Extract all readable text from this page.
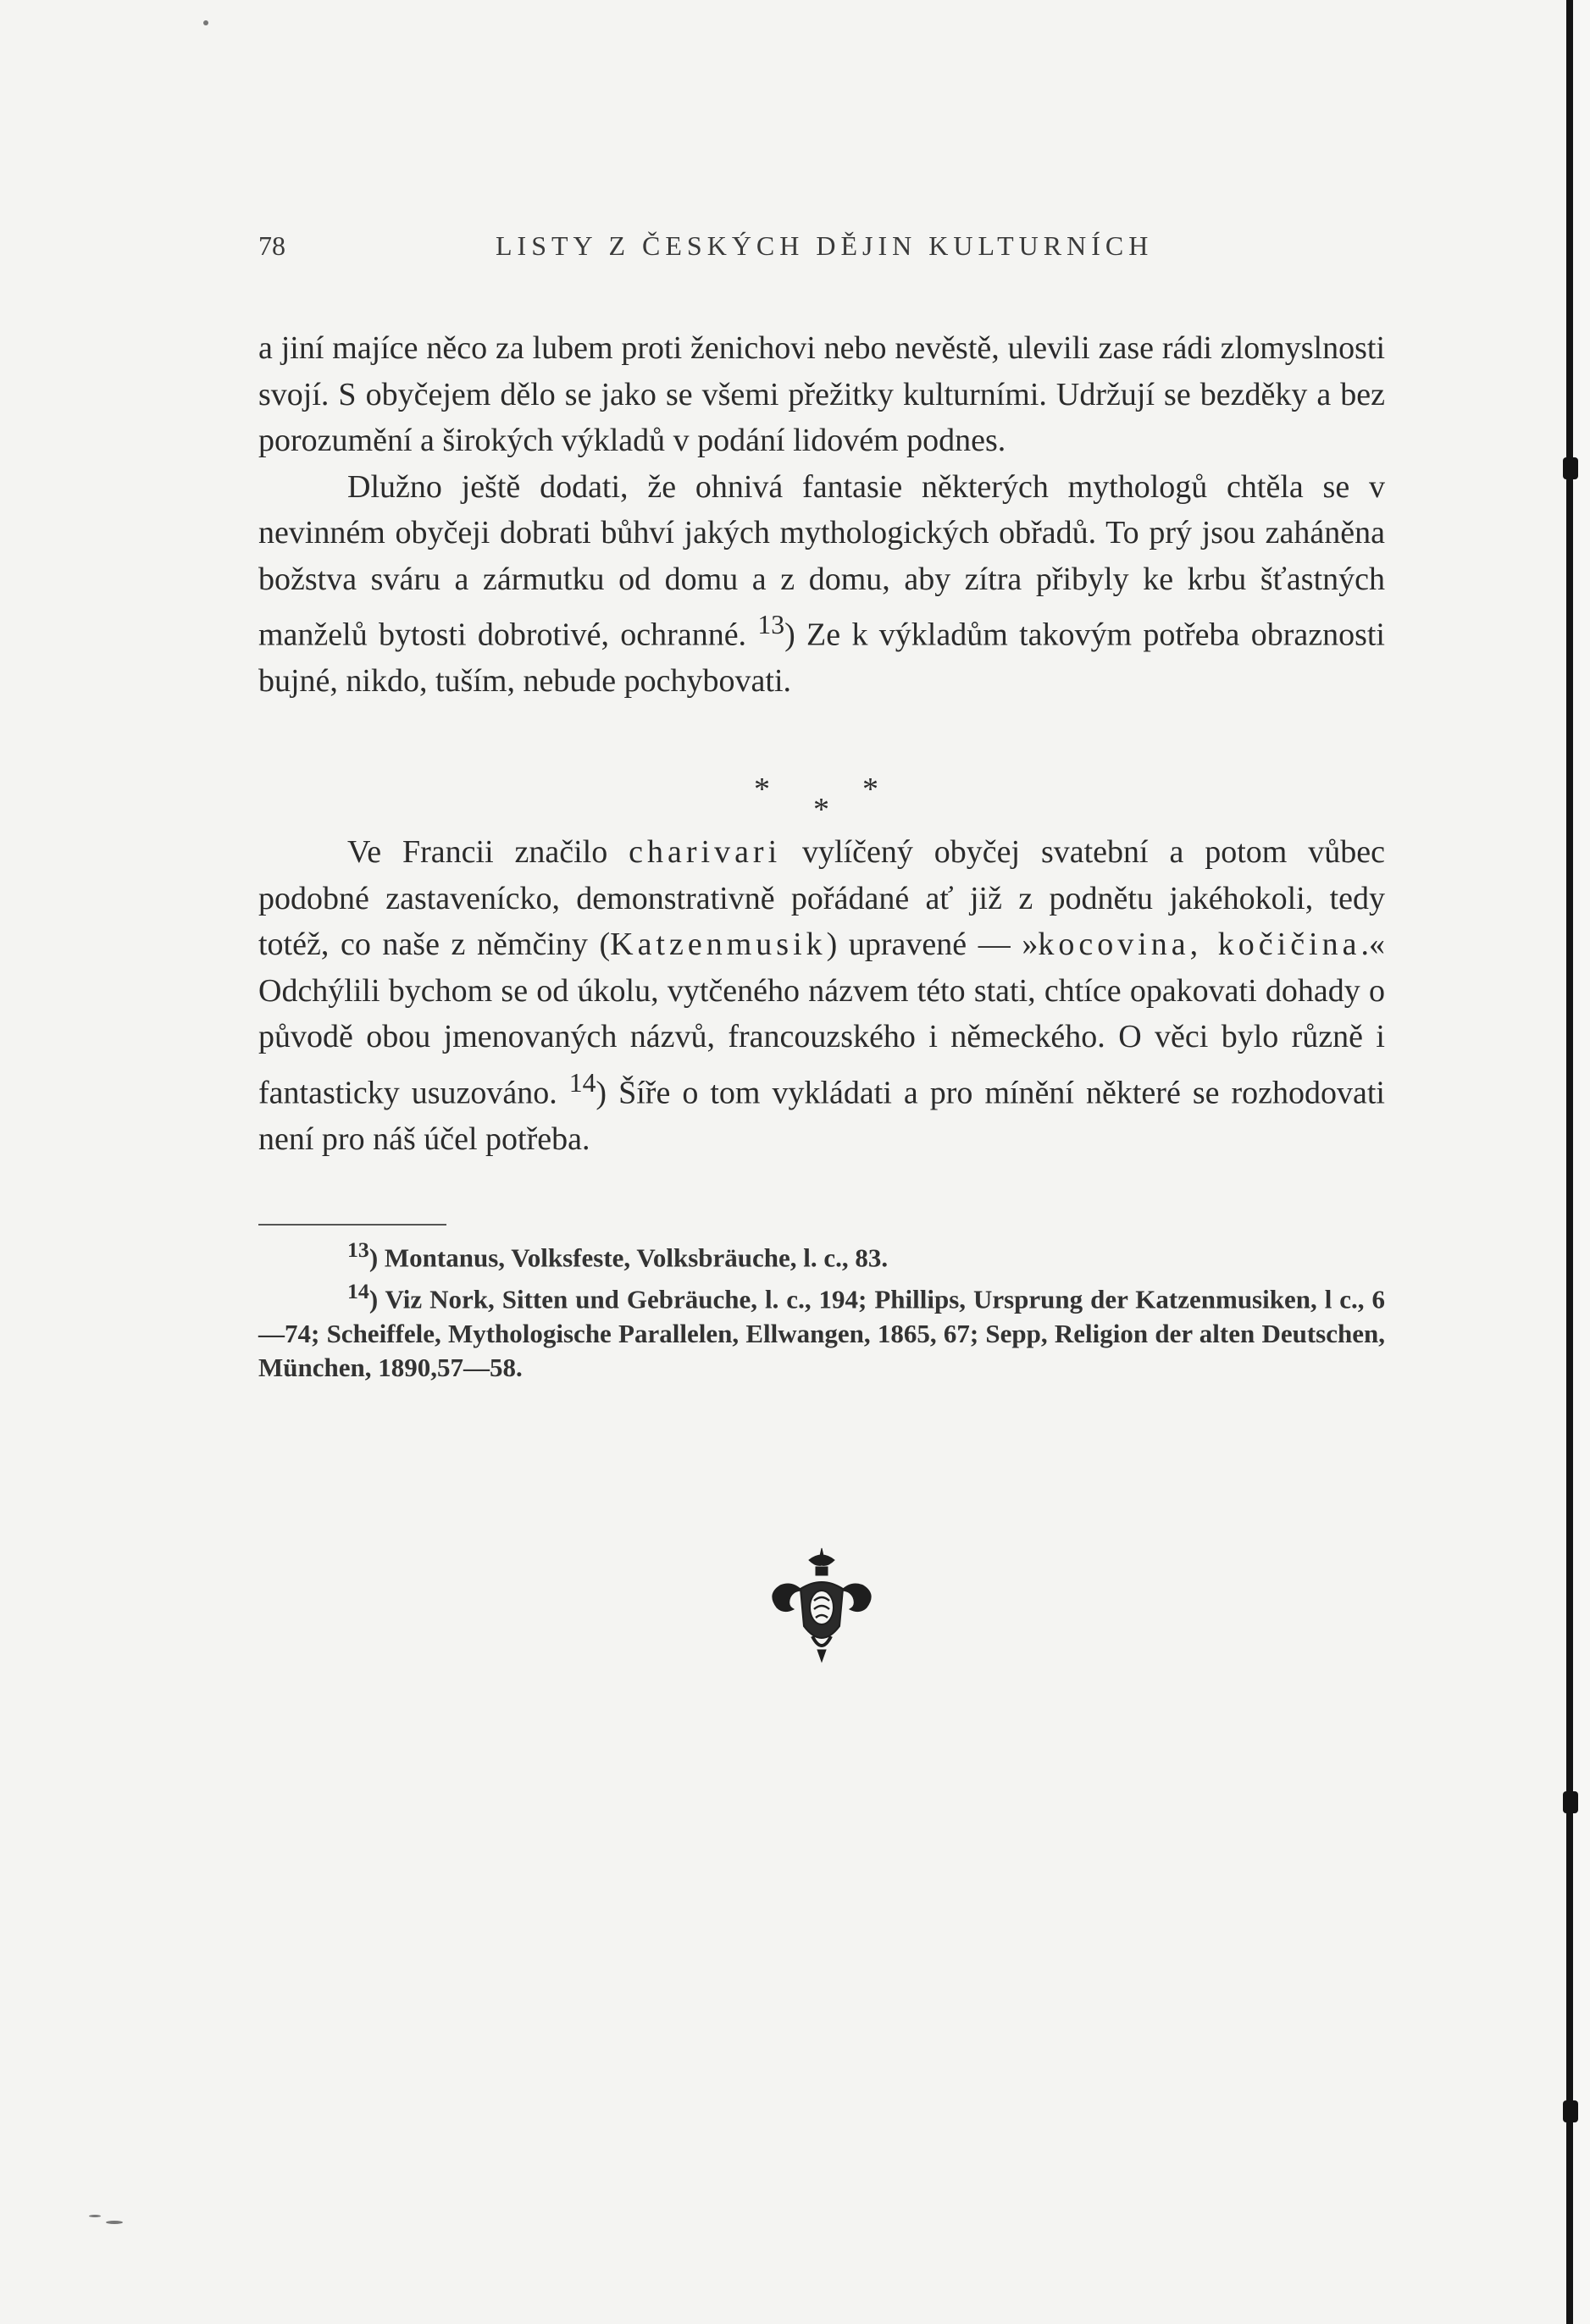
78	LISTY Z ČESKÝCH DĚJIN KULTURNÍCH

a jiní majíce něco za lubem proti ženichovi nebo nevěstě, ulevili zase rádi zlomyslnosti svojí. S obyčejem dělo se jako se všemi přežitky kulturními. Udržují se bezděky a bez porozumění a širokých výkladů v podání lidovém podnes.

Dlužno ještě dodati, že ohnivá fantasie některých mythologů chtěla se v nevinném obyčeji dobrati bůhví jakých mythologických obřadů. To prý jsou zaháněna božstva sváru a zármutku od domu a z domu, aby zítra přibyly ke krbu šťastných manželů bytosti dobrotivé, ochranné. $^{13}$) Ze k výkladům takovým potřeba obraznosti bujné, nikdo, tuším, nebude pochybovati.

*
*
*

Ve Francii značilo charivari vylíčený obyčej svatební a potom vůbec podobné zastavenícko, demonstrativně pořádané ať již z podnětu jakéhokoli, tedy totéž, co naše z němčiny (Katzenmusik) upravené — »kocovina, kočičina.« Odchýlili bychom se od úkolu, vytčeného názvem této stati, chtíce opakovati dohady o původě obou jmenovaných názvů, francouzského i německého. O věci bylo různě i fantasticky usuzováno. $^{14}$) Šíře o tom vykládati a pro mínění některé se rozhodovati není pro náš účel potřeba.

$^{13}$) Montanus, Volksfeste, Volksbräuche, l. c., 83.

$^{14}$) Viz Nork, Sitten und Gebräuche, l. c., 194; Phillips, Ursprung der Katzenmusiken, l c., 6—74; Scheiffele, Mythologische Parallelen, Ellwangen, 1865, 67; Sepp, Religion der alten Deutschen, München, 1890,57—58.
